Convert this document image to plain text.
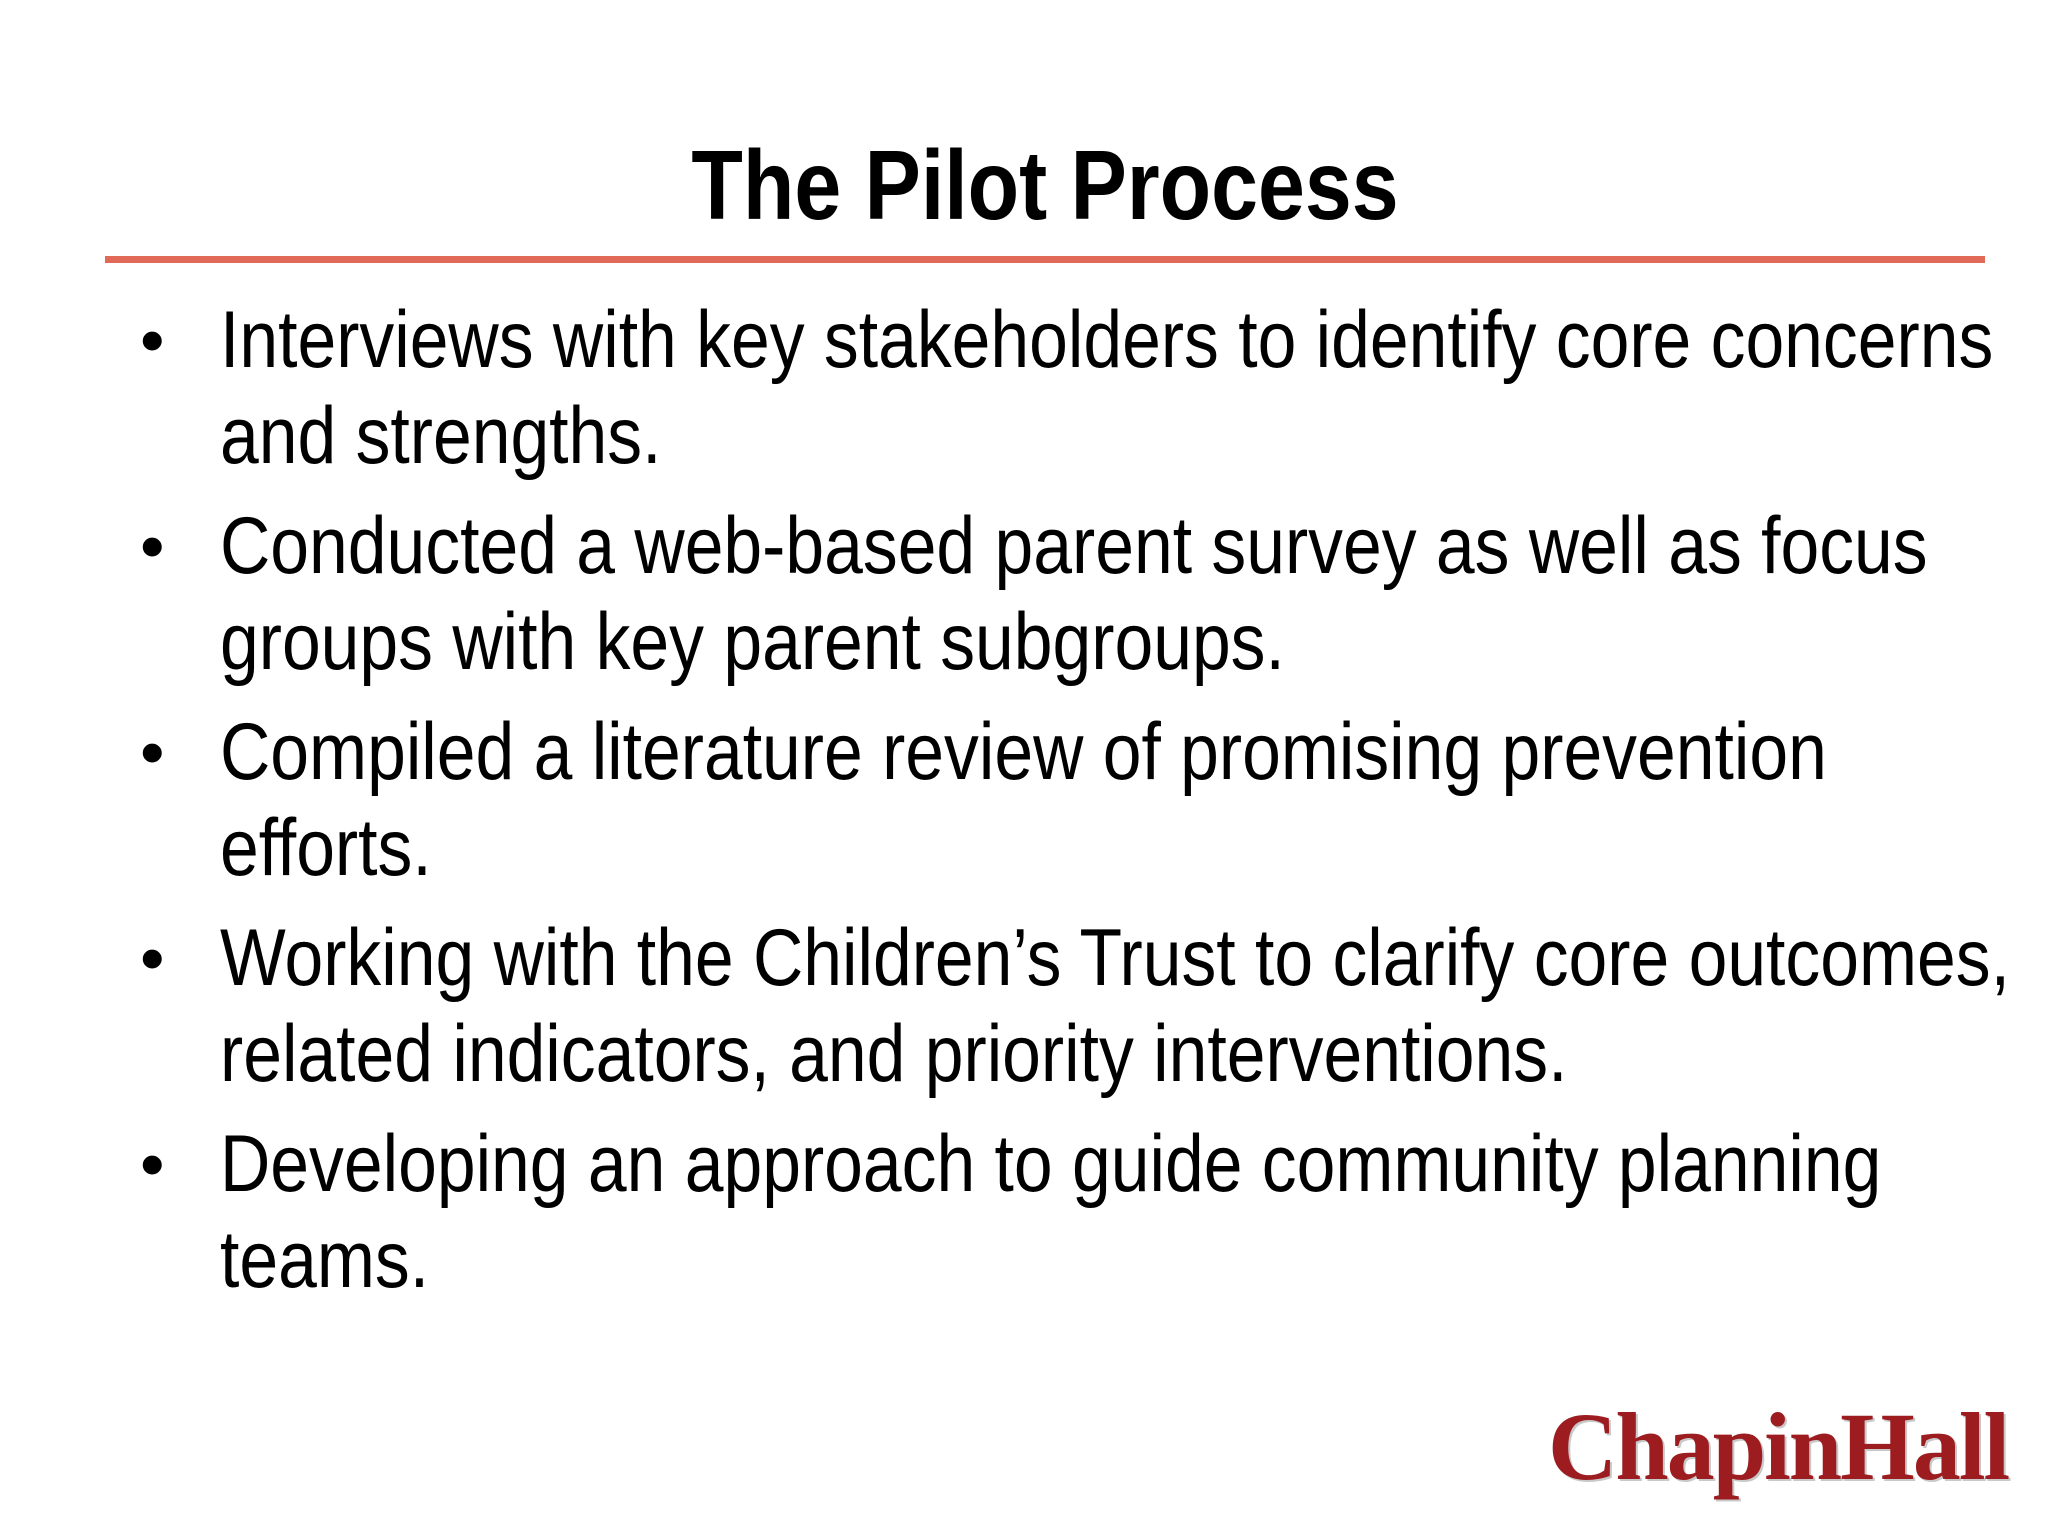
The Pilot Process
• Interviews with key stakeholders to identify core concerns and strengths.
• Conducted a web-based parent survey as well as focus groups with key parent subgroups.
• Compiled a literature review of promising prevention efforts.
• Working with the Children’s Trust to clarify core outcomes, related indicators, and priority interventions.
• Developing an approach to guide community planning teams.
ChapinHall
